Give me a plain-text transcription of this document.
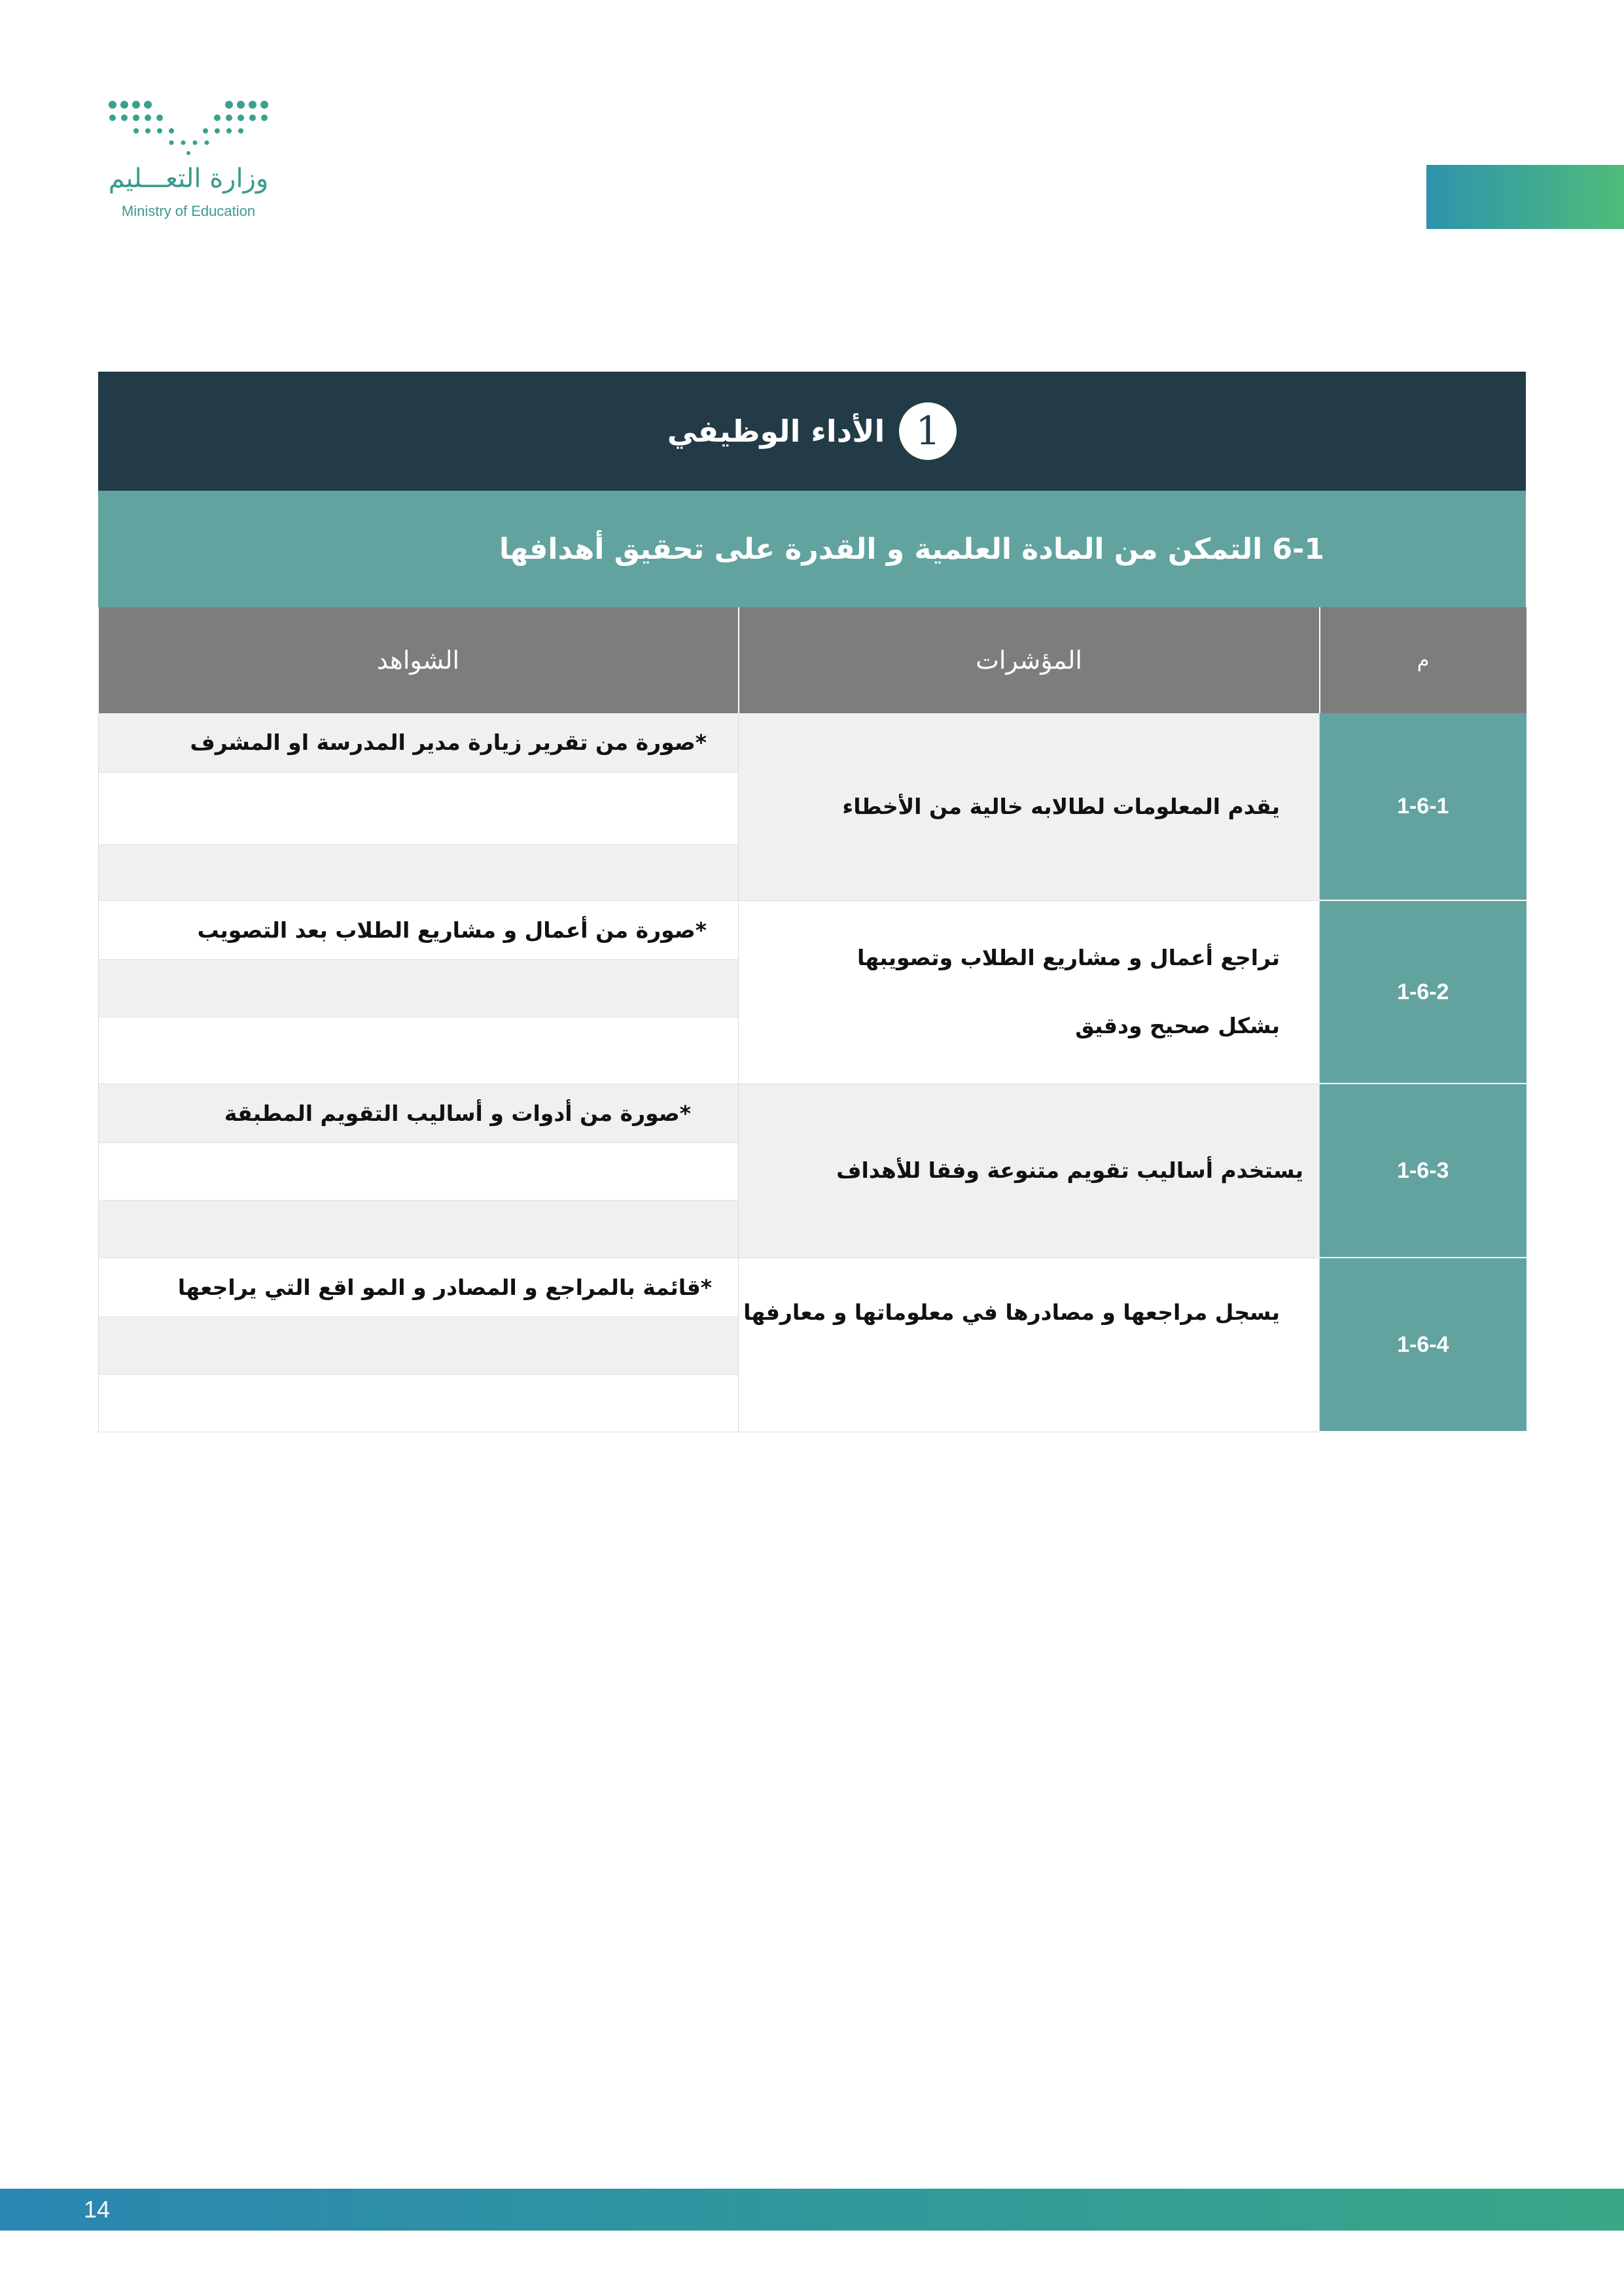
وزارة التعـــليم
Ministry of Education
1
الأداء الوظيفي
6-1 التمكن من المادة العلمية و القدرة على تحقيق أهدافها
م	المؤشرات	الشواهد
1-6-1	يقدم المعلومات لطالابه خالية من الأخطاء	*صورة من تقرير زيارة مدير المدرسة او المشرف

1-6-2	تراجع أعمال و مشاريع الطلاب وتصويبها بشكل صحيح ودقيق	*صورة من أعمال و مشاريع الطلاب بعد التصويب

1-6-3	يستخدم أساليب تقويم متنوعة وفقا للأهداف	*صورة من أدوات و أساليب التقويم المطبقة

1-6-4	يسجل مراجعها و مصادرها في معلوماتها و معارفها	*قائمة بالمراجع و المصادر و المو اقع التي يراجعها

14
